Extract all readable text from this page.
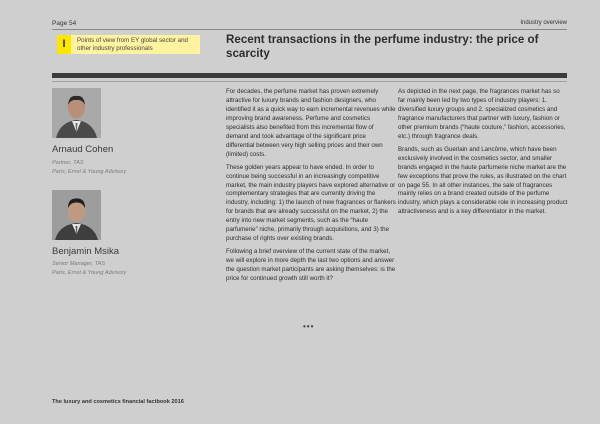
Page 54	Industry overview
I	Points of view from EY global sector and other industry professionals
Recent transactions in the perfume industry: the price of scarcity
Arnaud Cohen
Partner, TAS
Paris, Ernst & Young Advisory
Benjamin Msika
Senior Manager, TAS
Paris, Ernst & Young Advisory

For decades, the perfume market has proven extremely attractive for luxury brands and fashion designers, who identified it as a quick way to earn incremental revenues while improving brand awareness. Perfume and cosmetics specialists also benefited from this incremental flow of demand and took advantage of the significant price differential between very high selling prices and their own (limited) costs.

These golden years appear to have ended. In order to continue being successful in an increasingly competitive market, the main industry players have explored alternative or complementary strategies that are currently driving the industry, including: 1) the launch of new fragrances or flankers for brands that are already successful on the market, 2) the entry into new market segments, such as the “haute parfumerie” niche, primarily through acquisitions, and 3) the purchase of rights over existing brands.

Following a brief overview of the current state of the market, we will explore in more depth the last two options and answer the question market participants are asking themselves: is the price for continued growth still worth it?

As depicted in the next page, the fragrances market has so far mainly been led by two types of industry players: 1. diversified luxury groups and 2. specialized cosmetics and fragrance manufacturers that partner with luxury, fashion or other premium brands (“haute couture,” fashion, accessories, etc.) through fragrance deals.

Brands, such as Guerlain and Lancôme, which have been exclusively involved in the cosmetics sector, and smaller brands engaged in the haute parfumerie niche market are the few exceptions that prove the rules, as illustrated on the chart on page 55. In all other instances, the sale of fragrances mainly relies on a brand created outside of the perfume industry, which plays a considerable role in increasing product attractiveness and is a key differentiator in the market.

•••
The luxury and cosmetics financial factbook 2016
